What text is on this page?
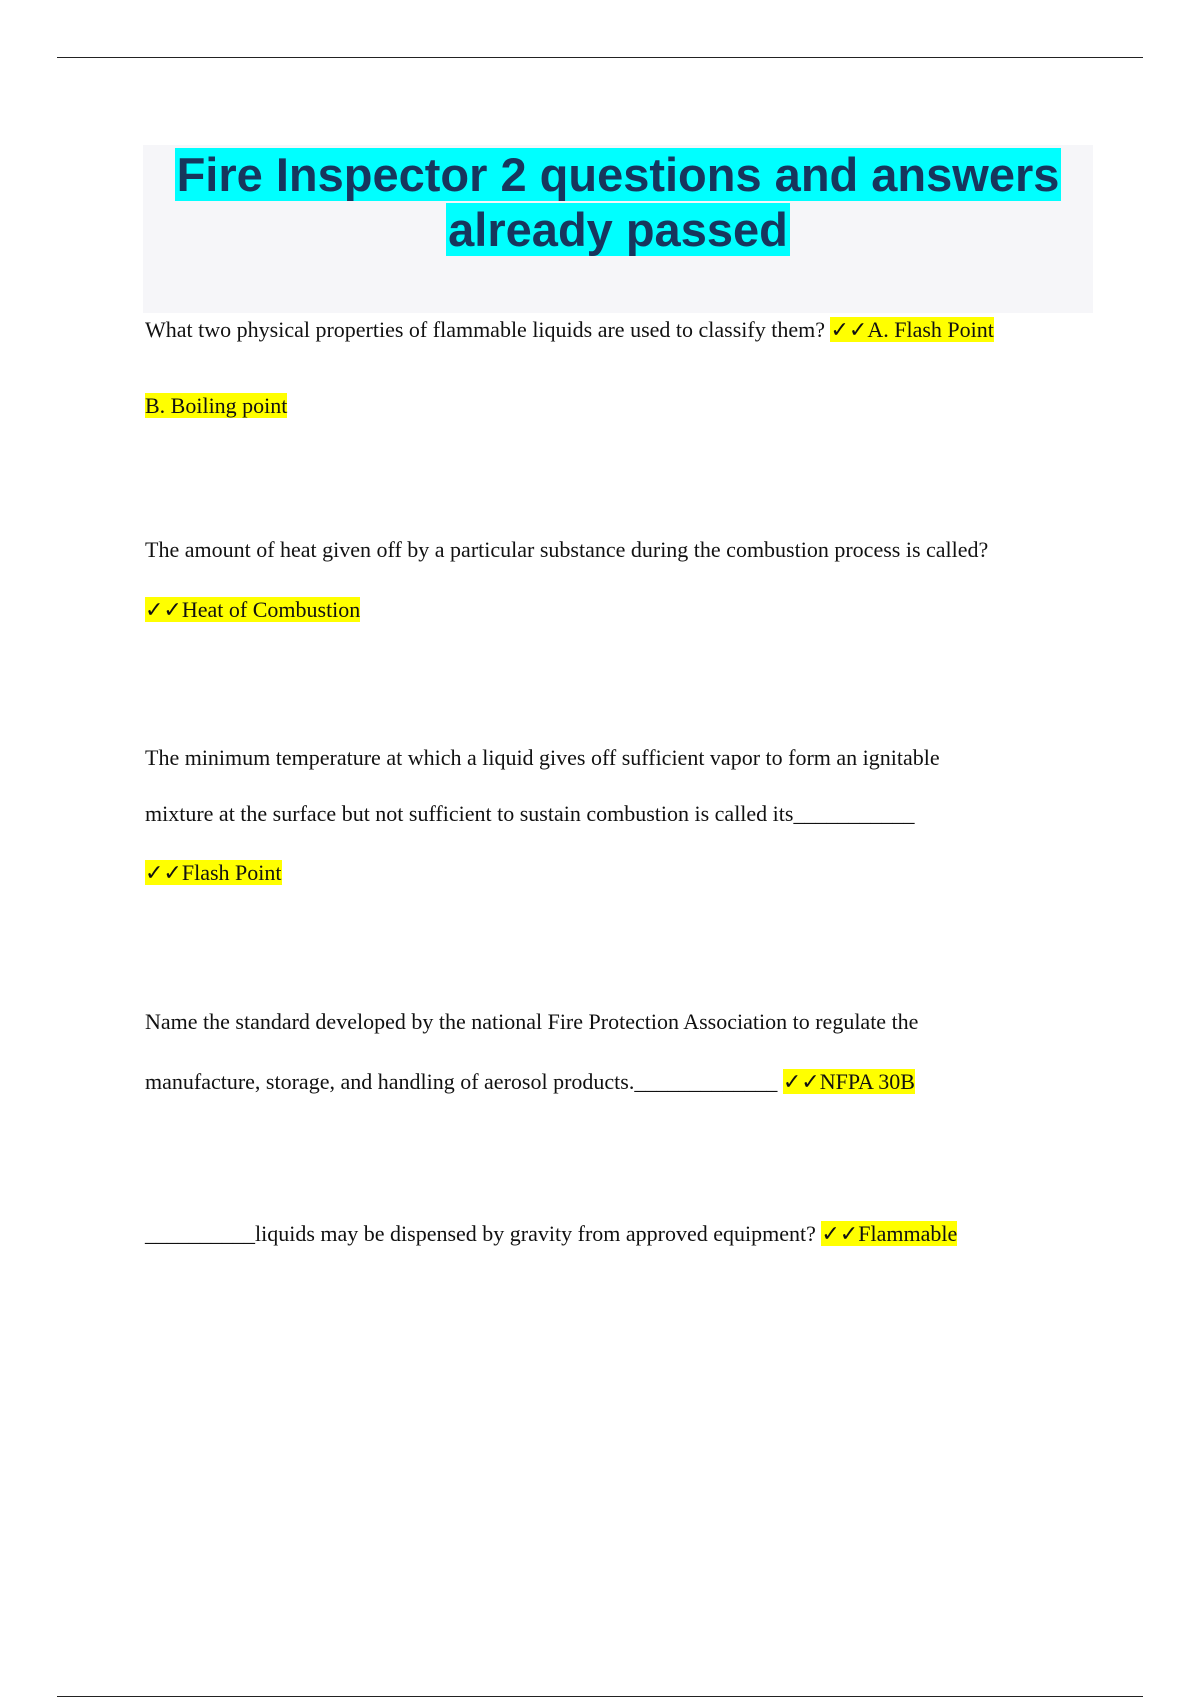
Fire Inspector 2 questions and answers
already passed

What two physical properties of flammable liquids are used to classify them? ✓✓A. Flash Point

B. Boiling point

The amount of heat given off by a particular substance during the combustion process is called?

✓✓Heat of Combustion

The minimum temperature at which a liquid gives off sufficient vapor to form an ignitable

mixture at the surface but not sufficient to sustain combustion is called its___________

✓✓Flash Point

Name the standard developed by the national Fire Protection Association to regulate the

manufacture, storage, and handling of aerosol products._____________ ✓✓NFPA 30B

__________liquids may be dispensed by gravity from approved equipment? ✓✓Flammable
